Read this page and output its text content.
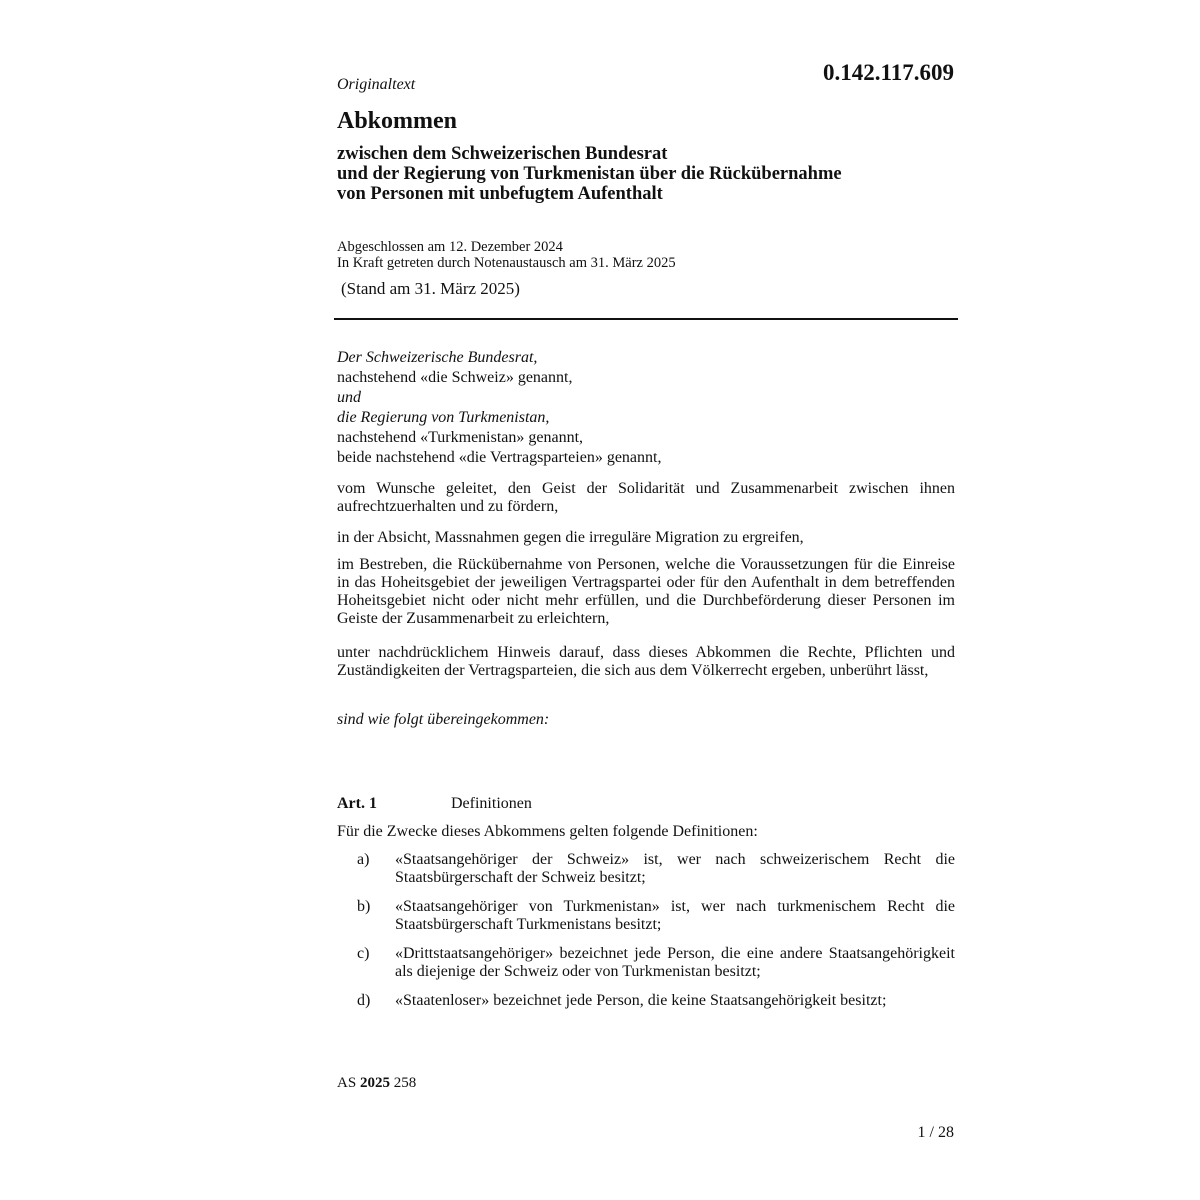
0.142.117.609
Originaltext
Abkommen
zwischen dem Schweizerischen Bundesrat
und der Regierung von Turkmenistan über die Rückübernahme
von Personen mit unbefugtem Aufenthalt
Abgeschlossen am 12. Dezember 2024
In Kraft getreten durch Notenaustausch am 31. März 2025
(Stand am 31. März 2025)
Der Schweizerische Bundesrat,
nachstehend «die Schweiz» genannt,
und
die Regierung von Turkmenistan,
nachstehend «Turkmenistan» genannt,
beide nachstehend «die Vertragsparteien» genannt,
vom Wunsche geleitet, den Geist der Solidarität und Zusammenarbeit zwischen ihnen aufrechtzuerhalten und zu fördern,
in der Absicht, Massnahmen gegen die irreguläre Migration zu ergreifen,
im Bestreben, die Rückübernahme von Personen, welche die Voraussetzungen für die Einreise in das Hoheitsgebiet der jeweiligen Vertragspartei oder für den Aufenthalt in dem betreffenden Hoheitsgebiet nicht oder nicht mehr erfüllen, und die Durchbeförderung dieser Personen im Geiste der Zusammenarbeit zu erleichtern,
unter nachdrücklichem Hinweis darauf, dass dieses Abkommen die Rechte, Pflichten und Zuständigkeiten der Vertragsparteien, die sich aus dem Völkerrecht ergeben, unberührt lässt,
sind wie folgt übereingekommen:
Art. 1	Definitionen
Für die Zwecke dieses Abkommens gelten folgende Definitionen:
a)	«Staatsangehöriger der Schweiz» ist, wer nach schweizerischem Recht die Staatsbürgerschaft der Schweiz besitzt;
b)	«Staatsangehöriger von Turkmenistan» ist, wer nach turkmenischem Recht die Staatsbürgerschaft Turkmenistans besitzt;
c)	«Drittstaatsangehöriger» bezeichnet jede Person, die eine andere Staatsangehörigkeit als diejenige der Schweiz oder von Turkmenistan besitzt;
d)	«Staatenloser» bezeichnet jede Person, die keine Staatsangehörigkeit besitzt;
AS 2025 258
1 / 28
